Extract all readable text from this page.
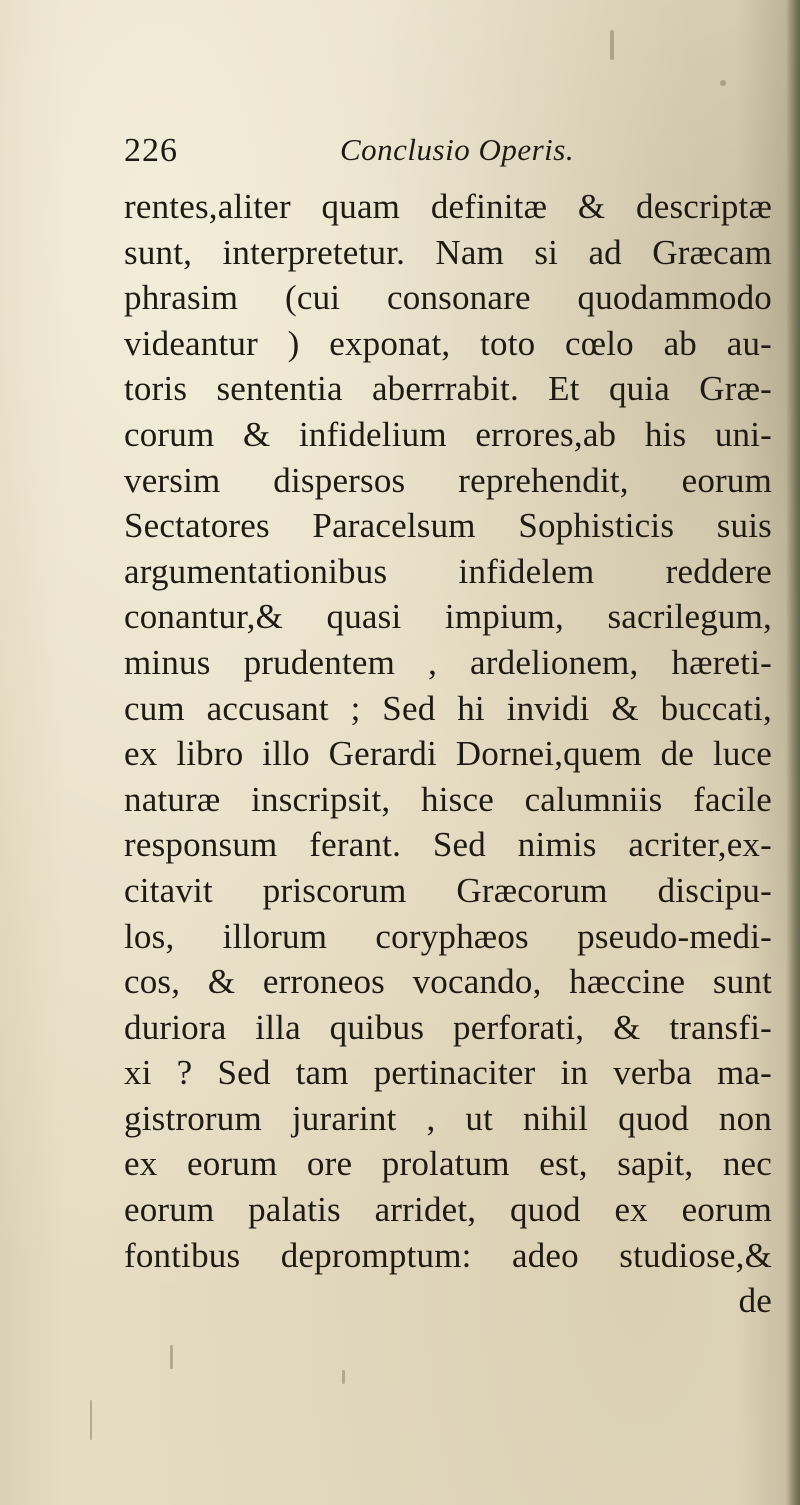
226	Conclusio Operis.
rentes,aliter quam definitæ & descriptæ
sunt, interpretetur. Nam si ad Græcam
phrasim (cui consonare quodammodo
videantur ) exponat, toto cœlo ab au-
toris sententia aberrrabit. Et quia Græ-
corum & infidelium errores,ab his uni-
versim dispersos reprehendit, eorum
Sectatores Paracelsum Sophisticis suis
argumentationibus infidelem reddere
conantur,& quasi impium, sacrilegum,
minus prudentem , ardelionem, hæreti-
cum accusant ; Sed hi invidi & buccati,
ex libro illo Gerardi Dornei,quem de luce
naturæ inscripsit, hisce calumniis facile
responsum ferant. Sed nimis acriter,ex-
citavit priscorum Græcorum discipu-
los, illorum coryphæos pseudo-medi-
cos, & erroneos vocando, hæccine sunt
duriora illa quibus perforati, & transfi-
xi ? Sed tam pertinaciter in verba ma-
gistrorum jurarint , ut nihil quod non
ex eorum ore prolatum est, sapit, nec
eorum palatis arridet, quod ex eorum
fontibus depromptum: adeo studiose,&
de
